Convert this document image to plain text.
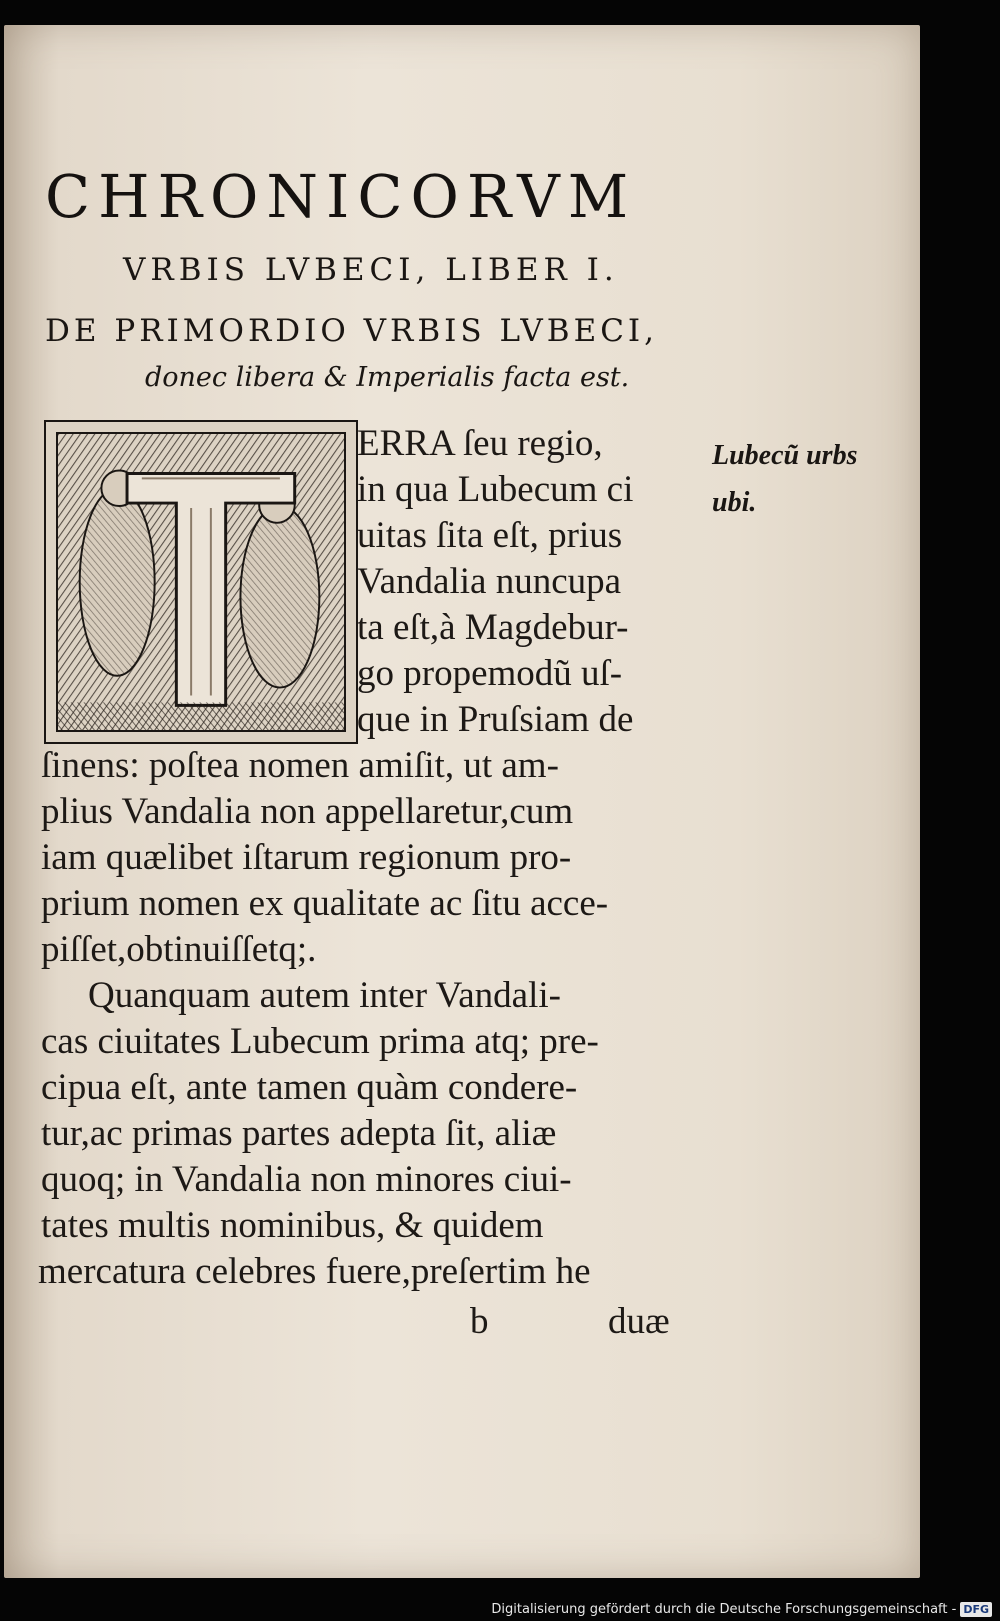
CHRONICORVM
VRBIS LVBECI, LIBER I.
DE PRIMORDIO VRBIS LVBECI,
donec libera & Imperialis facta est.
ERRA ſeu regio,
in qua Lubecum ci
uitas ſita eſt, prius
Vandalia nuncupa
ta eſt,à Magdebur-
go propemodũ uſ-
que in Pruſsiam de
ſinens: poſtea nomen amiſit, ut am-
plius Vandalia non appellaretur,cum
iam quælibet iſtarum regionum pro-
prium nomen ex qualitate ac ſitu acce-
piſſet,obtinuiſſetq;.
Quanquam autem inter Vandali-
cas ciuitates Lubecum prima atq; pre-
cipua eſt, ante tamen quàm condere-
tur,ac primas partes adepta ſit, aliæ
quoq; in Vandalia non minores ciui-
tates multis nominibus, & quidem
mercatura celebres fuere,preſertim he
Lubecũ urbs
ubi.
b	duæ
Digitalisierung gefördert durch die Deutsche Forschungsgemeinschaft - DFG
